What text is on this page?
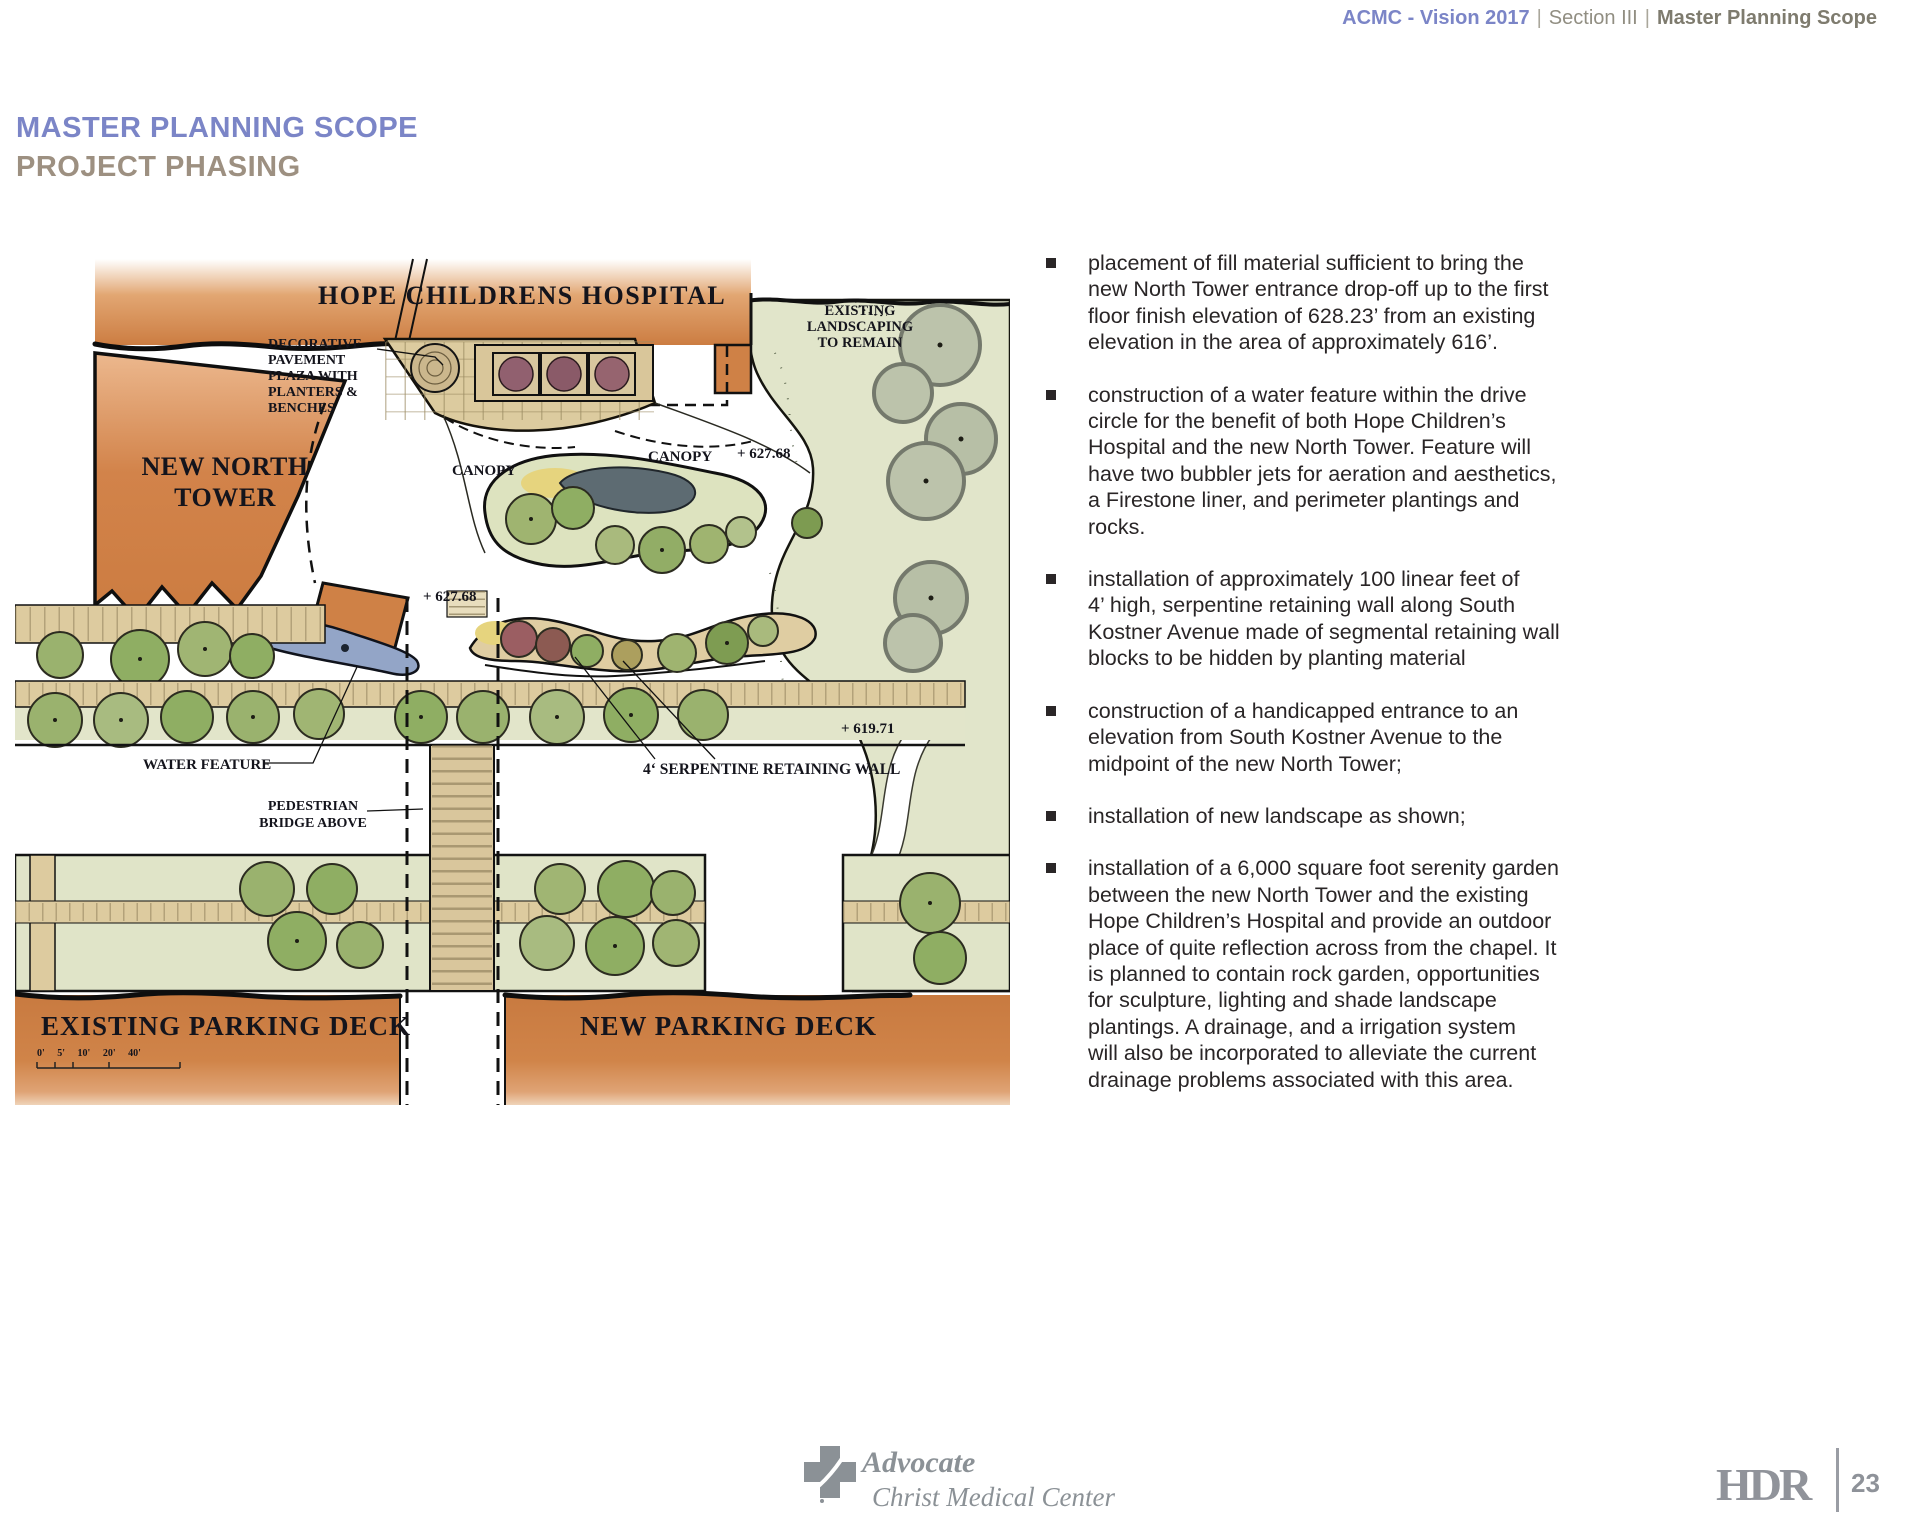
ACMC - Vision 2017 | Section III | Master Planning Scope
MASTER PLANNING SCOPE
PROJECT PHASING
HOPE CHILDRENS HOSPITAL
DECORATIVE
PAVEMENT
PLAZA WITH
PLANTERS &
BENCHES
EXISTING
LANDSCAPING
TO REMAIN
NEW NORTH
TOWER
CANOPY
CANOPY + 627.68
+ 627.68
+ 619.71
WATER FEATURE	4‘ SERPENTINE RETAINING WALL
PEDESTRIAN
BRIDGE ABOVE
EXISTING PARKING DECK	NEW PARKING DECK
0' 5' 10' 20' 40'
placement of fill material sufficient to bring the
new North Tower entrance drop-off up to the first
floor finish elevation of 628.23’ from an existing
elevation in the area of approximately 616’.
construction of a water feature within the drive
circle for the benefit of both Hope Children’s
Hospital and the new North Tower. Feature will
have two bubbler jets for aeration and aesthetics,
a Firestone liner, and perimeter plantings and
rocks.
installation of approximately 100 linear feet of
4’ high, serpentine retaining wall along South
Kostner Avenue made of segmental retaining wall
blocks to be hidden by planting material
construction of a handicapped entrance to an
elevation from South Kostner Avenue to the
midpoint of the new North Tower;
installation of new landscape as shown;
installation of a 6,000 square foot serenity garden
between the new North Tower and the existing
Hope Children’s Hospital and provide an outdoor
place of quite reflection across from the chapel. It
is planned to contain rock garden, opportunities
for sculpture, lighting and shade landscape
plantings. A drainage, and a irrigation system
will also be incorporated to alleviate the current
drainage problems associated with this area.
Advocate
Christ Medical Center	HDR 23
